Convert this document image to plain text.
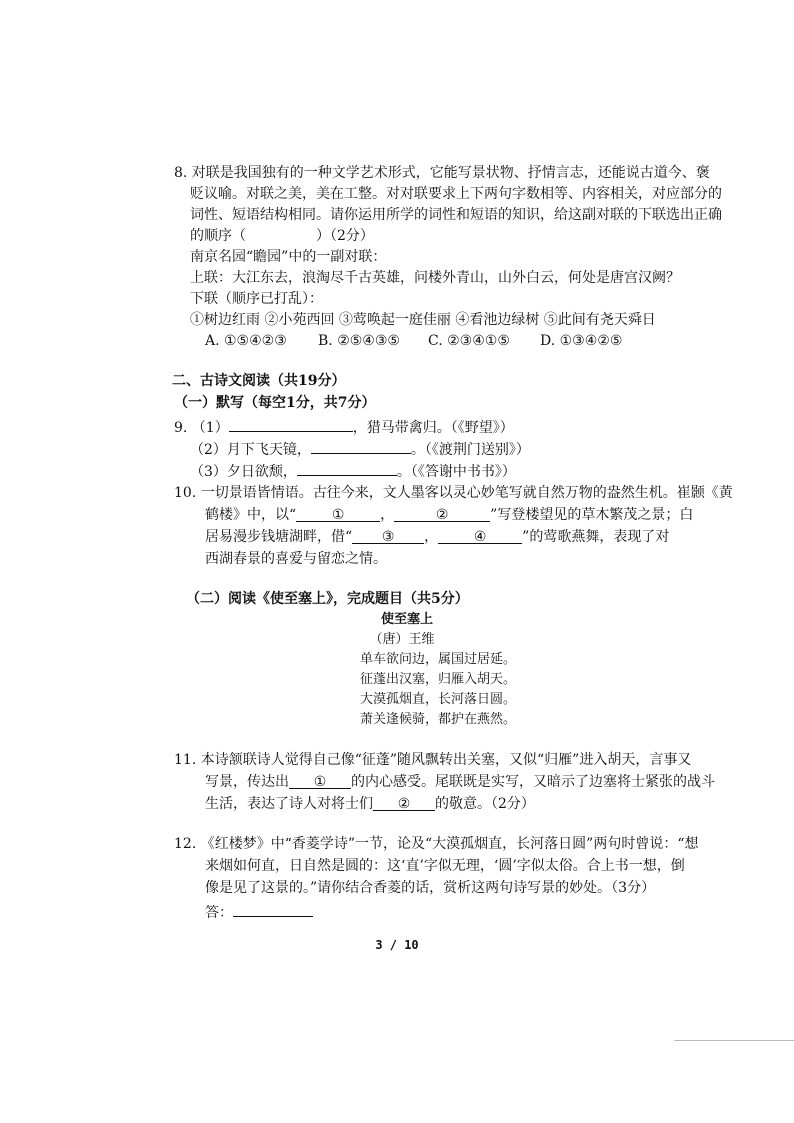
8. 对联是我国独有的一种文学艺术形式，它能写景状物、抒情言志，还能说古道今、褒
贬议喻。对联之美，美在工整。对对联要求上下两句字数相等、内容相关，对应部分的
词性、短语结构相同。请你运用所学的词性和短语的知识，给这副对联的下联选出正确
的顺序（　　　　　）（2分）
南京名园“瞻园”中的一副对联：
上联：大江东去，浪淘尽千古英雄，问楼外青山，山外白云，何处是唐宫汉阙？
下联（顺序已打乱）：
①树边红雨 ②小苑西回 ③莺唤起一庭佳丽 ④看池边绿树 ⑤此间有尧天舜日
A. ①⑤④②③ B. ②⑤④③⑤ C. ②③④①⑤ D. ①③④②⑤
二、古诗文阅读（共19分）
（一）默写（每空1分，共7分）
9. （1）	，猎马带禽归。（《野望》）
（2）月下飞天镜，	。（《渡荆门送别》）
（3）夕日欲颓，	。（《答谢中书书》）
10. 一切景语皆情语。古往今来，文人墨客以灵心妙笔写就自然万物的盎然生机。崔颢《黄
鹤楼》中，以“	①	，	②	”写登楼望见的草木繁茂之景；白
居易漫步钱塘湖畔，借“ ③ ，	④	”的莺歌燕舞，表现了对
西湖春景的喜爱与留恋之情。
（二）阅读《使至塞上》，完成题目（共5分）
使至塞上
（唐）王维
单车欲问边，属国过居延。
征蓬出汉塞，归雁入胡天。
大漠孤烟直，长河落日圆。
萧关逢候骑，都护在燕然。
11. 本诗颔联诗人觉得自己像“征蓬”随风飘转出关塞，又似“归雁”进入胡天，言事又
写景，传达出 ① 的内心感受。尾联既是实写，又暗示了边塞将士紧张的战斗
生活，表达了诗人对将士们 ② 的敬意。（2分）
12. 《红楼梦》中“香菱学诗”一节，论及“大漠孤烟直，长河落日圆”两句时曾说：“想
来烟如何直，日自然是圆的：这‘直’字似无理，‘圆’字似太俗。合上书一想，倒
像是见了这景的。”请你结合香菱的话，赏析这两句诗写景的妙处。（3分）
答：
3 / 10
